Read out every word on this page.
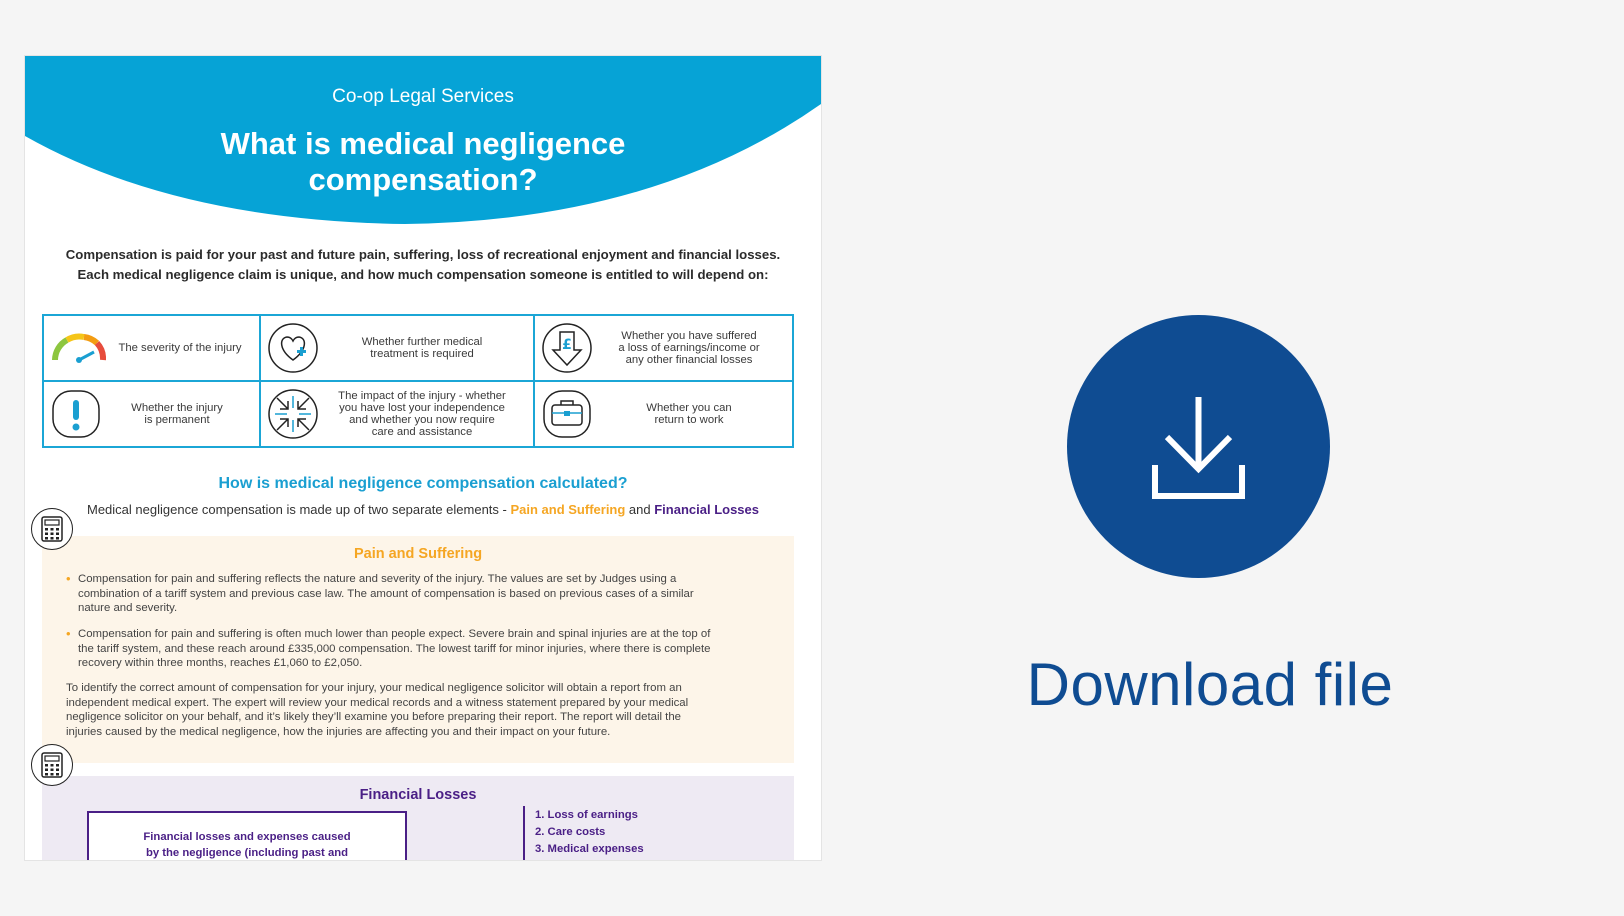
Co-op Legal Services
What is medical negligence
compensation?
Compensation is paid for your past and future pain, suffering, loss of recreational enjoyment and financial losses.
Each medical negligence claim is unique, and how much compensation someone is entitled to will depend on:
The severity of the injury	Whether further medical
treatment is required
£
Whether you have suffered
a loss of earnings/income or
any other financial losses
Whether the injury
is permanent
The impact of the injury - whether
you have lost your independence
and whether you now require
care and assistance
Whether you can
return to work
How is medical negligence compensation calculated?
Medical negligence compensation is made up of two separate elements - Pain and Suffering and Financial Losses
Pain and Suffering
• Compensation for pain and suffering reflects the nature and severity of the injury. The values are set by Judges using a
combination of a tariff system and previous case law. The amount of compensation is based on previous cases of a similar
nature and severity.
• Compensation for pain and suffering is often much lower than people expect. Severe brain and spinal injuries are at the top of
the tariff system, and these reach around £335,000 compensation. The lowest tariff for minor injuries, where there is complete
recovery within three months, reaches £1,060 to £2,050.
To identify the correct amount of compensation for your injury, your medical negligence solicitor will obtain a report from an
independent medical expert. The expert will review your medical records and a witness statement prepared by your medical
negligence solicitor on your behalf, and it’s likely they’ll examine you before preparing their report. The report will detail the
injuries caused by the medical negligence, how the injuries are affecting you and their impact on your future.
Financial Losses
Financial losses and expenses caused
by the negligence (including past and
1. Loss of earnings
2. Care costs
3. Medical expenses
Download file
